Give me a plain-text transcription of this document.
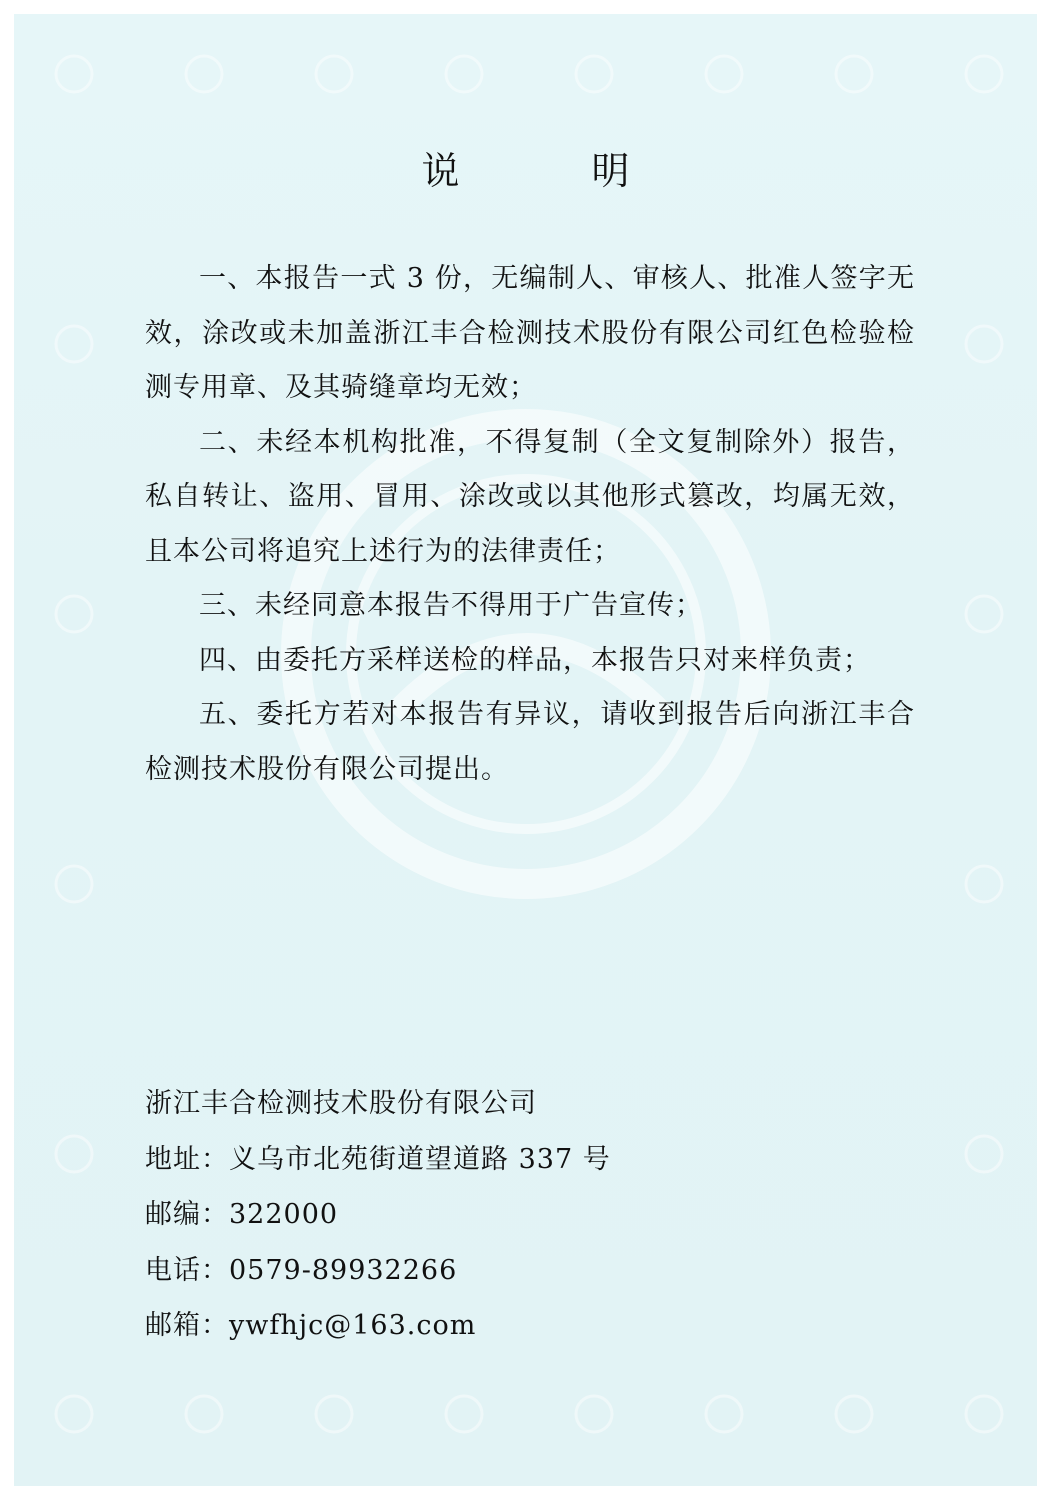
说 明

一、本报告一式 3 份，无编制人、审核人、批准人签字无效，涂改或未加盖浙江丰合检测技术股份有限公司红色检验检测专用章、及其骑缝章均无效；

二、未经本机构批准，不得复制（全文复制除外）报告，私自转让、盗用、冒用、涂改或以其他形式篡改，均属无效，且本公司将追究上述行为的法律责任；

三、未经同意本报告不得用于广告宣传；

四、由委托方采样送检的样品，本报告只对来样负责；

五、委托方若对本报告有异议，请收到报告后向浙江丰合检测技术股份有限公司提出。

浙江丰合检测技术股份有限公司
地址：义乌市北苑街道望道路 337 号
邮编：322000
电话：0579-89932266
邮箱：ywfhjc@163.com
